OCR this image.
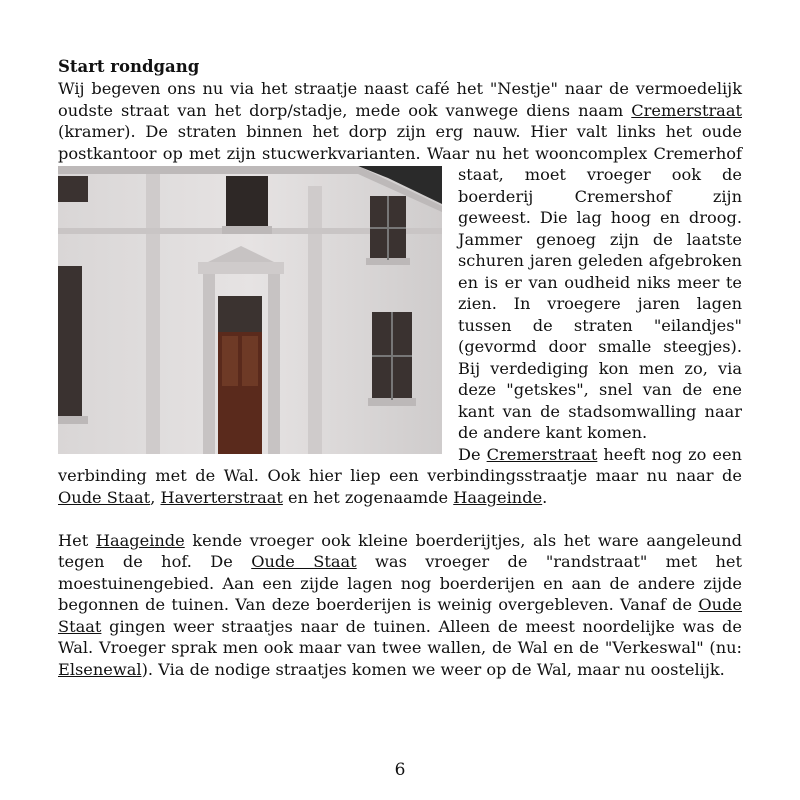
Start rondgang
Wij begeven ons nu via het straatje naast café het "Nestje" naar de vermoedelijk oudste straat van het dorp/stadje, mede ook vanwege diens naam Cremerstraat (kramer). De straten binnen het dorp zijn erg nauw. Hier valt links het oude postkantoor op met zijn stucwerkvarianten. Waar nu het
wooncomplex Cremerhof staat, moet vroeger ook de boerderij Cremershof zijn geweest. Die lag hoog en droog. Jammer genoeg zijn de laatste schuren jaren geleden afgebroken en is er van oudheid niks meer te zien. In vroegere jaren lagen tussen de straten "eilandjes" (gevormd door smalle steegjes). Bij verdediging kon men zo, via deze "getskes", snel van de ene kant van de stadsomwalling naar de andere kant komen.

De Cremerstraat heeft nog zo een verbinding met de Wal. Ook hier liep een verbindingsstraatje maar nu naar de Oude Staat, Haverterstraat en het zogenaamde Haageinde.
Het Haageinde kende vroeger ook kleine boerderijtjes, als het ware aangeleund tegen de hof. De Oude Staat was vroeger de "randstraat" met het moestuinengebied. Aan een zijde lagen nog boerderijen en aan de andere zijde begonnen de tuinen. Van deze boerderijen is weinig overgebleven. Vanaf de Oude Staat gingen weer straatjes naar de tuinen. Alleen de meest noordelijke was de Wal. Vroeger sprak men ook maar van twee wallen, de Wal en de "Verkeswal" (nu: Elsenewal). Via de nodige straatjes komen we weer op de Wal, maar nu oostelijk.
6
